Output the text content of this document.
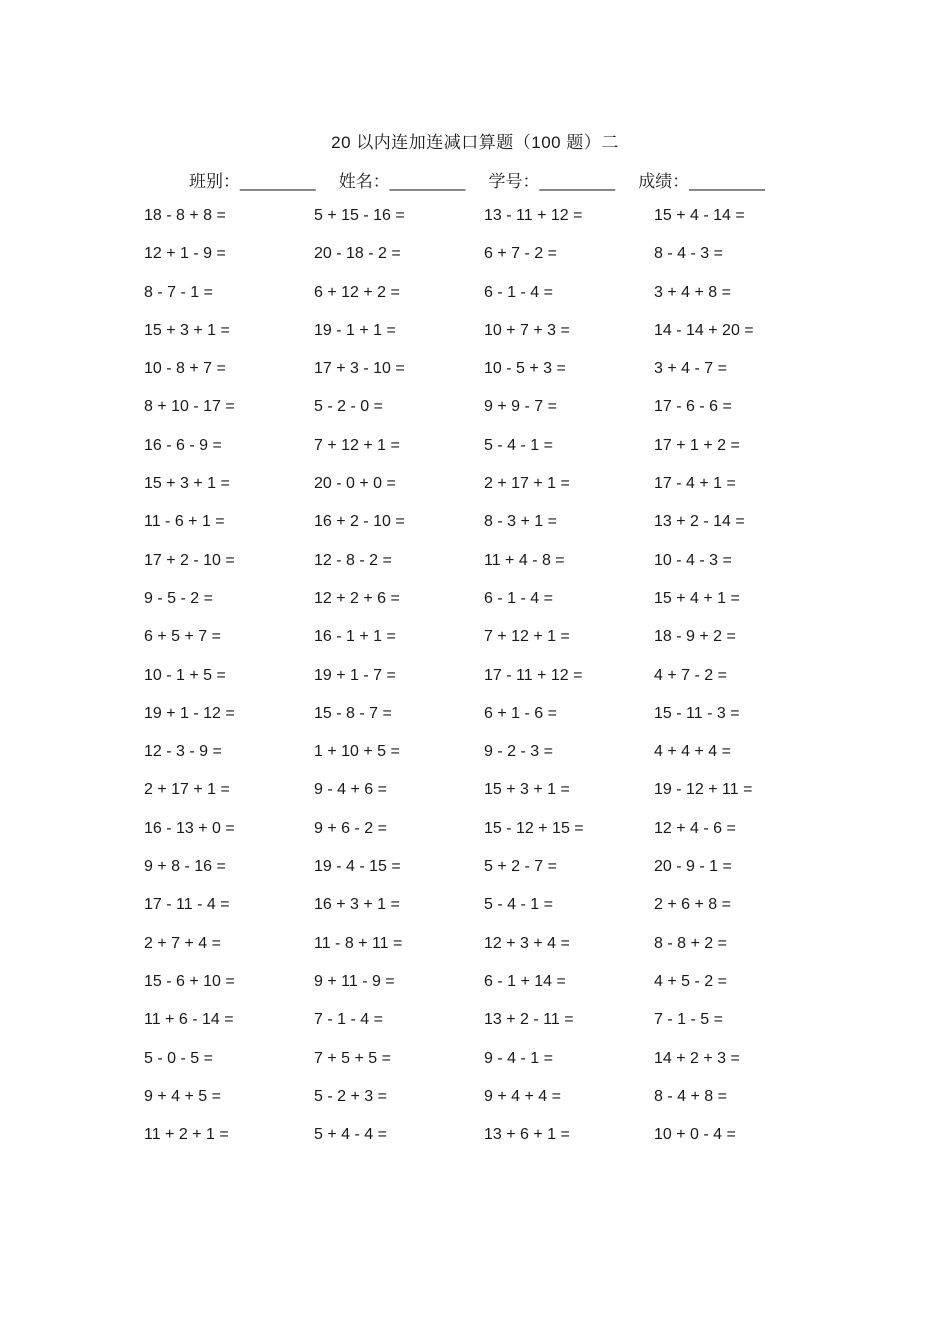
20 以内连加连减口算题（100 题）二
班别：________ 姓名：________ 学号：________ 成绩：________
18 - 8 + 8 =	5 + 15 - 16 =	13 - 11 + 12 =	15 + 4 - 14 =
12 + 1 - 9 =	20 - 18 - 2 =	6 + 7 - 2 =	8 - 4 - 3 =
8 - 7 - 1 =	6 + 12 + 2 =	6 - 1 - 4 =	3 + 4 + 8 =
15 + 3 + 1 =	19 - 1 + 1 =	10 + 7 + 3 =	14 - 14 + 20 =
10 - 8 + 7 =	17 + 3 - 10 =	10 - 5 + 3 =	3 + 4 - 7 =
8 + 10 - 17 =	5 - 2 - 0 =	9 + 9 - 7 =	17 - 6 - 6 =
16 - 6 - 9 =	7 + 12 + 1 =	5 - 4 - 1 =	17 + 1 + 2 =
15 + 3 + 1 =	20 - 0 + 0 =	2 + 17 + 1 =	17 - 4 + 1 =
11 - 6 + 1 =	16 + 2 - 10 =	8 - 3 + 1 =	13 + 2 - 14 =
17 + 2 - 10 =	12 - 8 - 2 =	11 + 4 - 8 =	10 - 4 - 3 =
9 - 5 - 2 =	12 + 2 + 6 =	6 - 1 - 4 =	15 + 4 + 1 =
6 + 5 + 7 =	16 - 1 + 1 =	7 + 12 + 1 =	18 - 9 + 2 =
10 - 1 + 5 =	19 + 1 - 7 =	17 - 11 + 12 =	4 + 7 - 2 =
19 + 1 - 12 =	15 - 8 - 7 =	6 + 1 - 6 =	15 - 11 - 3 =
12 - 3 - 9 =	1 + 10 + 5 =	9 - 2 - 3 =	4 + 4 + 4 =
2 + 17 + 1 =	9 - 4 + 6 =	15 + 3 + 1 =	19 - 12 + 11 =
16 - 13 + 0 =	9 + 6 - 2 =	15 - 12 + 15 =	12 + 4 - 6 =
9 + 8 - 16 =	19 - 4 - 15 =	5 + 2 - 7 =	20 - 9 - 1 =
17 - 11 - 4 =	16 + 3 + 1 =	5 - 4 - 1 =	2 + 6 + 8 =
2 + 7 + 4 =	11 - 8 + 11 =	12 + 3 + 4 =	8 - 8 + 2 =
15 - 6 + 10 =	9 + 11 - 9 =	6 - 1 + 14 =	4 + 5 - 2 =
11 + 6 - 14 =	7 - 1 - 4 =	13 + 2 - 11 =	7 - 1 - 5 =
5 - 0 - 5 =	7 + 5 + 5 =	9 - 4 - 1 =	14 + 2 + 3 =
9 + 4 + 5 =	5 - 2 + 3 =	9 + 4 + 4 =	8 - 4 + 8 =
11 + 2 + 1 =	5 + 4 - 4 =	13 + 6 + 1 =	10 + 0 - 4 =
